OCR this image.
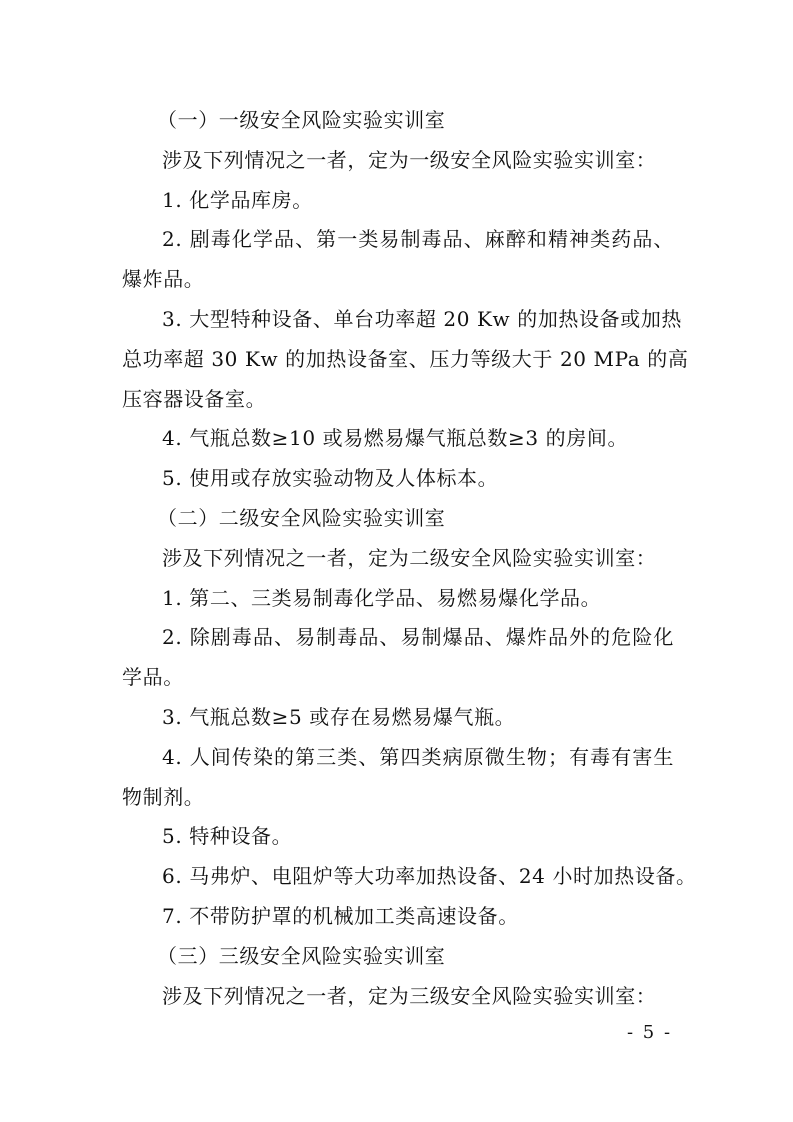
（一）一级安全风险实验实训室
涉及下列情况之一者，定为一级安全风险实验实训室：
1. 化学品库房。
2. 剧毒化学品、第一类易制毒品、麻醉和精神类药品、
爆炸品。
3. 大型特种设备、单台功率超 20 Kw 的加热设备或加热
总功率超 30 Kw 的加热设备室、压力等级大于 20 MPa 的高
压容器设备室。
4. 气瓶总数≥10 或易燃易爆气瓶总数≥3 的房间。
5. 使用或存放实验动物及人体标本。
（二）二级安全风险实验实训室
涉及下列情况之一者，定为二级安全风险实验实训室：
1. 第二、三类易制毒化学品、易燃易爆化学品。
2. 除剧毒品、易制毒品、易制爆品、爆炸品外的危险化
学品。
3. 气瓶总数≥5 或存在易燃易爆气瓶。
4. 人间传染的第三类、第四类病原微生物；有毒有害生
物制剂。
5. 特种设备。
6. 马弗炉、电阻炉等大功率加热设备、24 小时加热设备。
7. 不带防护罩的机械加工类高速设备。
（三）三级安全风险实验实训室
涉及下列情况之一者，定为三级安全风险实验实训室：
- 5 -
